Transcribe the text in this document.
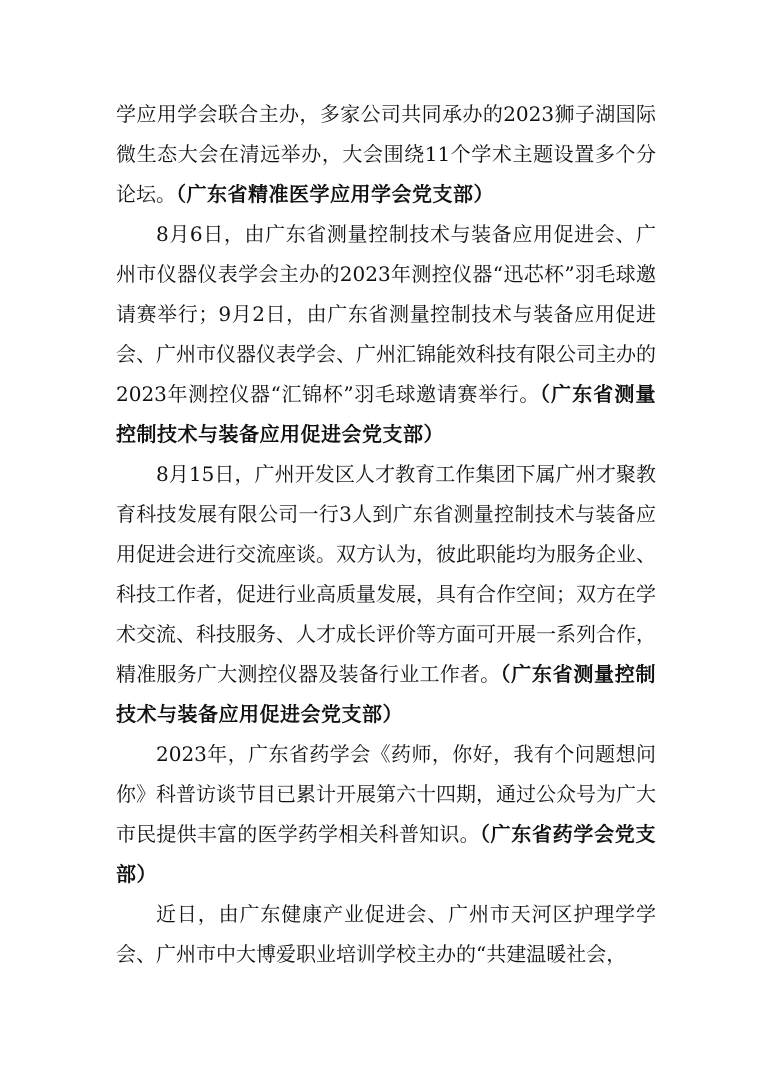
学应用学会联合主办，多家公司共同承办的2023狮子湖国际微生态大会在清远举办，大会围绕11个学术主题设置多个分论坛。（广东省精准医学应用学会党支部）

8月6日，由广东省测量控制技术与装备应用促进会、广州市仪器仪表学会主办的2023年测控仪器“迅芯杯”羽毛球邀请赛举行；9月2日，由广东省测量控制技术与装备应用促进会、广州市仪器仪表学会、广州汇锦能效科技有限公司主办的2023年测控仪器“汇锦杯”羽毛球邀请赛举行。（广东省测量控制技术与装备应用促进会党支部）

8月15日，广州开发区人才教育工作集团下属广州才聚教育科技发展有限公司一行3人到广东省测量控制技术与装备应用促进会进行交流座谈。双方认为，彼此职能均为服务企业、科技工作者，促进行业高质量发展，具有合作空间；双方在学术交流、科技服务、人才成长评价等方面可开展一系列合作，精准服务广大测控仪器及装备行业工作者。（广东省测量控制技术与装备应用促进会党支部）

2023年，广东省药学会《药师，你好，我有个问题想问你》科普访谈节目已累计开展第六十四期，通过公众号为广大市民提供丰富的医学药学相关科普知识。（广东省药学会党支部）

近日，由广东健康产业促进会、广州市天河区护理学学会、广州市中大博爱职业培训学校主办的“共建温暖社会，
